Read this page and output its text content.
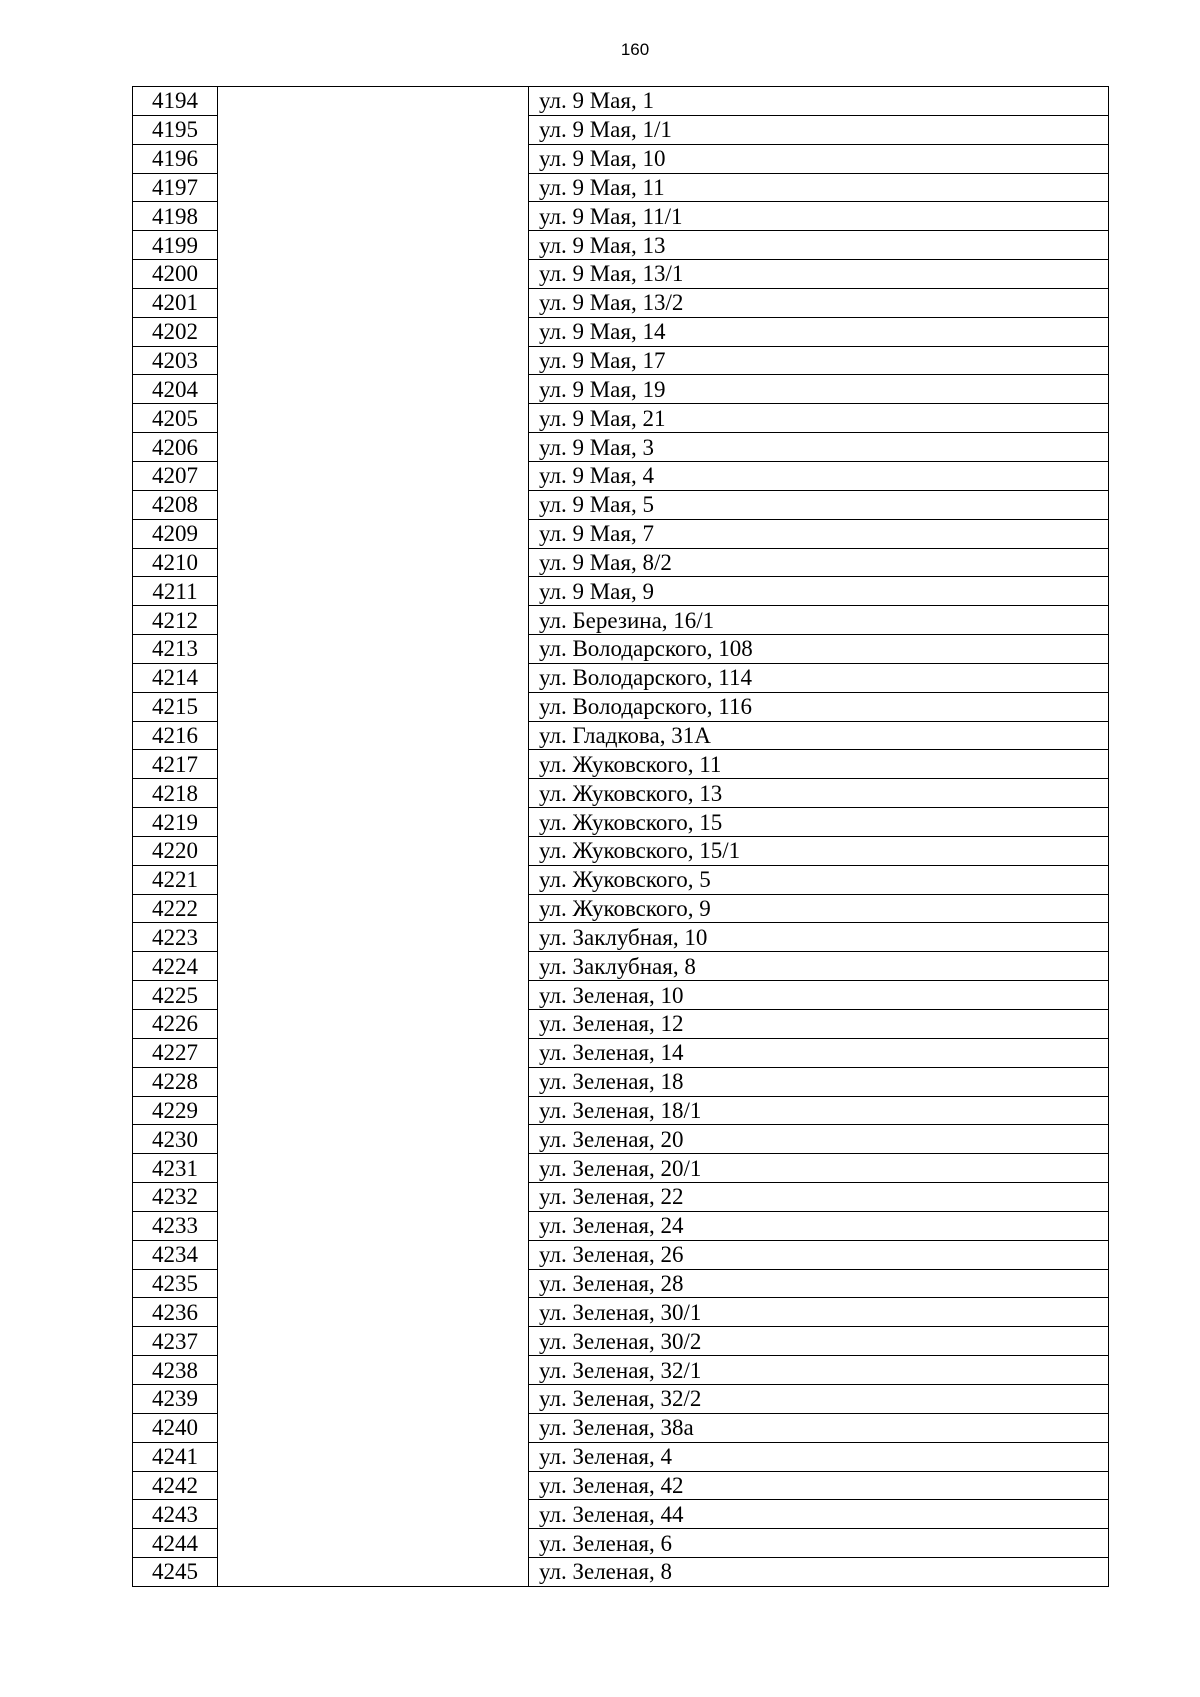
160
4194		ул. 9 Мая, 1
4195		ул. 9 Мая, 1/1
4196		ул. 9 Мая, 10
4197		ул. 9 Мая, 11
4198		ул. 9 Мая, 11/1
4199		ул. 9 Мая, 13
4200		ул. 9 Мая, 13/1
4201		ул. 9 Мая, 13/2
4202		ул. 9 Мая, 14
4203		ул. 9 Мая, 17
4204		ул. 9 Мая, 19
4205		ул. 9 Мая, 21
4206		ул. 9 Мая, 3
4207		ул. 9 Мая, 4
4208		ул. 9 Мая, 5
4209		ул. 9 Мая, 7
4210		ул. 9 Мая, 8/2
4211		ул. 9 Мая, 9
4212		ул. Березина, 16/1
4213		ул. Володарского, 108
4214		ул. Володарского, 114
4215		ул. Володарского, 116
4216		ул. Гладкова, 31А
4217		ул. Жуковского, 11
4218		ул. Жуковского, 13
4219		ул. Жуковского, 15
4220		ул. Жуковского, 15/1
4221		ул. Жуковского, 5
4222		ул. Жуковского, 9
4223		ул. Заклубная, 10
4224		ул. Заклубная, 8
4225		ул. Зеленая, 10
4226		ул. Зеленая, 12
4227		ул. Зеленая, 14
4228		ул. Зеленая, 18
4229		ул. Зеленая, 18/1
4230		ул. Зеленая, 20
4231		ул. Зеленая, 20/1
4232		ул. Зеленая, 22
4233		ул. Зеленая, 24
4234		ул. Зеленая, 26
4235		ул. Зеленая, 28
4236		ул. Зеленая, 30/1
4237		ул. Зеленая, 30/2
4238		ул. Зеленая, 32/1
4239		ул. Зеленая, 32/2
4240		ул. Зеленая, 38а
4241		ул. Зеленая, 4
4242		ул. Зеленая, 42
4243		ул. Зеленая, 44
4244		ул. Зеленая, 6
4245		ул. Зеленая, 8
